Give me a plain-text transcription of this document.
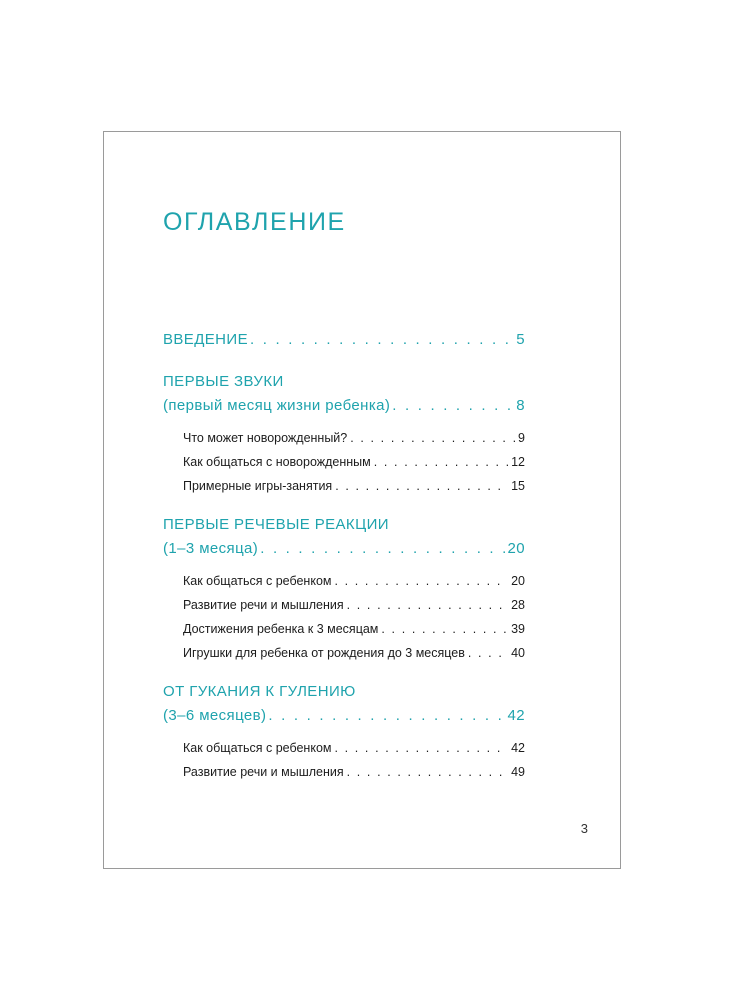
ОГЛАВЛЕНИЕ
ВВЕДЕНИЕ . . .	5
ПЕРВЫЕ ЗВУКИ
(первый месяц жизни ребенка) . . .	8
Что может новорожденный? . . .	9
Как общаться с новорожденным . . .	12
Примерные игры-занятия . . .	15
ПЕРВЫЕ РЕЧЕВЫЕ РЕАКЦИИ
(1–3 месяца) . . .	20
Как общаться с ребенком . . .	20
Развитие речи и мышления . . .	28
Достижения ребенка к 3 месяцам . . .	39
Игрушки для ребенка от рождения до 3 месяцев . . .	40
ОТ ГУКАНИЯ К ГУЛЕНИЮ
(3–6 месяцев) . . .	42
Как общаться с ребенком . . .	42
Развитие речи и мышления . . .	49
3
